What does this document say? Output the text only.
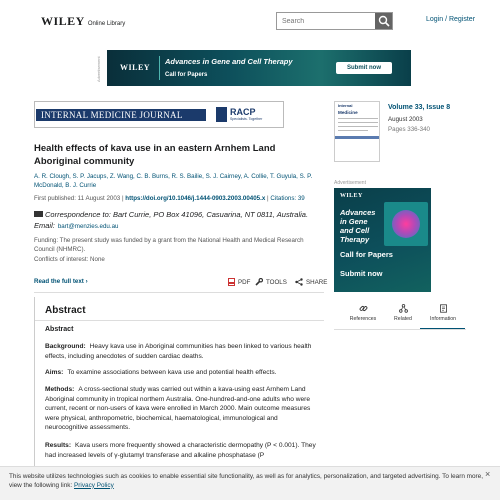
WILEY Online Library
Search
Login / Register
Advertisement	WILEY
Advances in Gene and Cell Therapy
Call for Papers
Submit now
INTERNAL MEDICINE JOURNAL	RACP
Specialists. Together
Health effects of kava use in an eastern Arnhem Land Aboriginal community
A. R. Clough, S. P. Jacups, Z. Wang, C. B. Burns, R. S. Bailie, S. J. Cairney, A. Collie, T. Guyula, S. P. McDonald, B. J. Currie
First published: 11 August 2003 | https://doi.org/10.1046/j.1444-0903.2003.00405.x | Citations: 39
Correspondence to: Bart Currie, PO Box 41096, Casuarina, NT 0811, Australia.
Email: bart@menzies.edu.au
Funding: The present study was funded by a grant from the National Health and Medical Research Council (NHMRC).
Conflicts of interest: None
Read the full text ›	PDF	TOOLS	SHARE
Abstract
Abstract

Background: Heavy kava use in Aboriginal communities has been linked to various health effects, including anecdotes of sudden cardiac deaths.

Aims: To examine associations between kava use and potential health effects.

Methods: A cross-sectional study was carried out within a kava-using east Arnhem Land Aboriginal community in tropical northern Australia. One-hundred-and-one adults who were current, recent or non-users of kava were enrolled in March 2000. Main outcome measures were physical, anthropometric, biochemical, haematological, immunological and neurocognitive assessments.

Results: Kava users more frequently showed a characteristic dermopathy (P < 0.001). They had increased levels of γ-glutamyl transferase and alkaline phosphatase (P

Internal
Medicine
Volume 33, Issue 8
August 2003
Pages 336-340
Advertisement
WILEY
Advances in Gene and Cell Therapy
Call for Papers
Submit now
References	Related	Information

This website utilizes technologies such as cookies to enable essential site functionality, as well as for analytics, personalization, and targeted advertising. To learn more, view the following link: Privacy Policy

×
